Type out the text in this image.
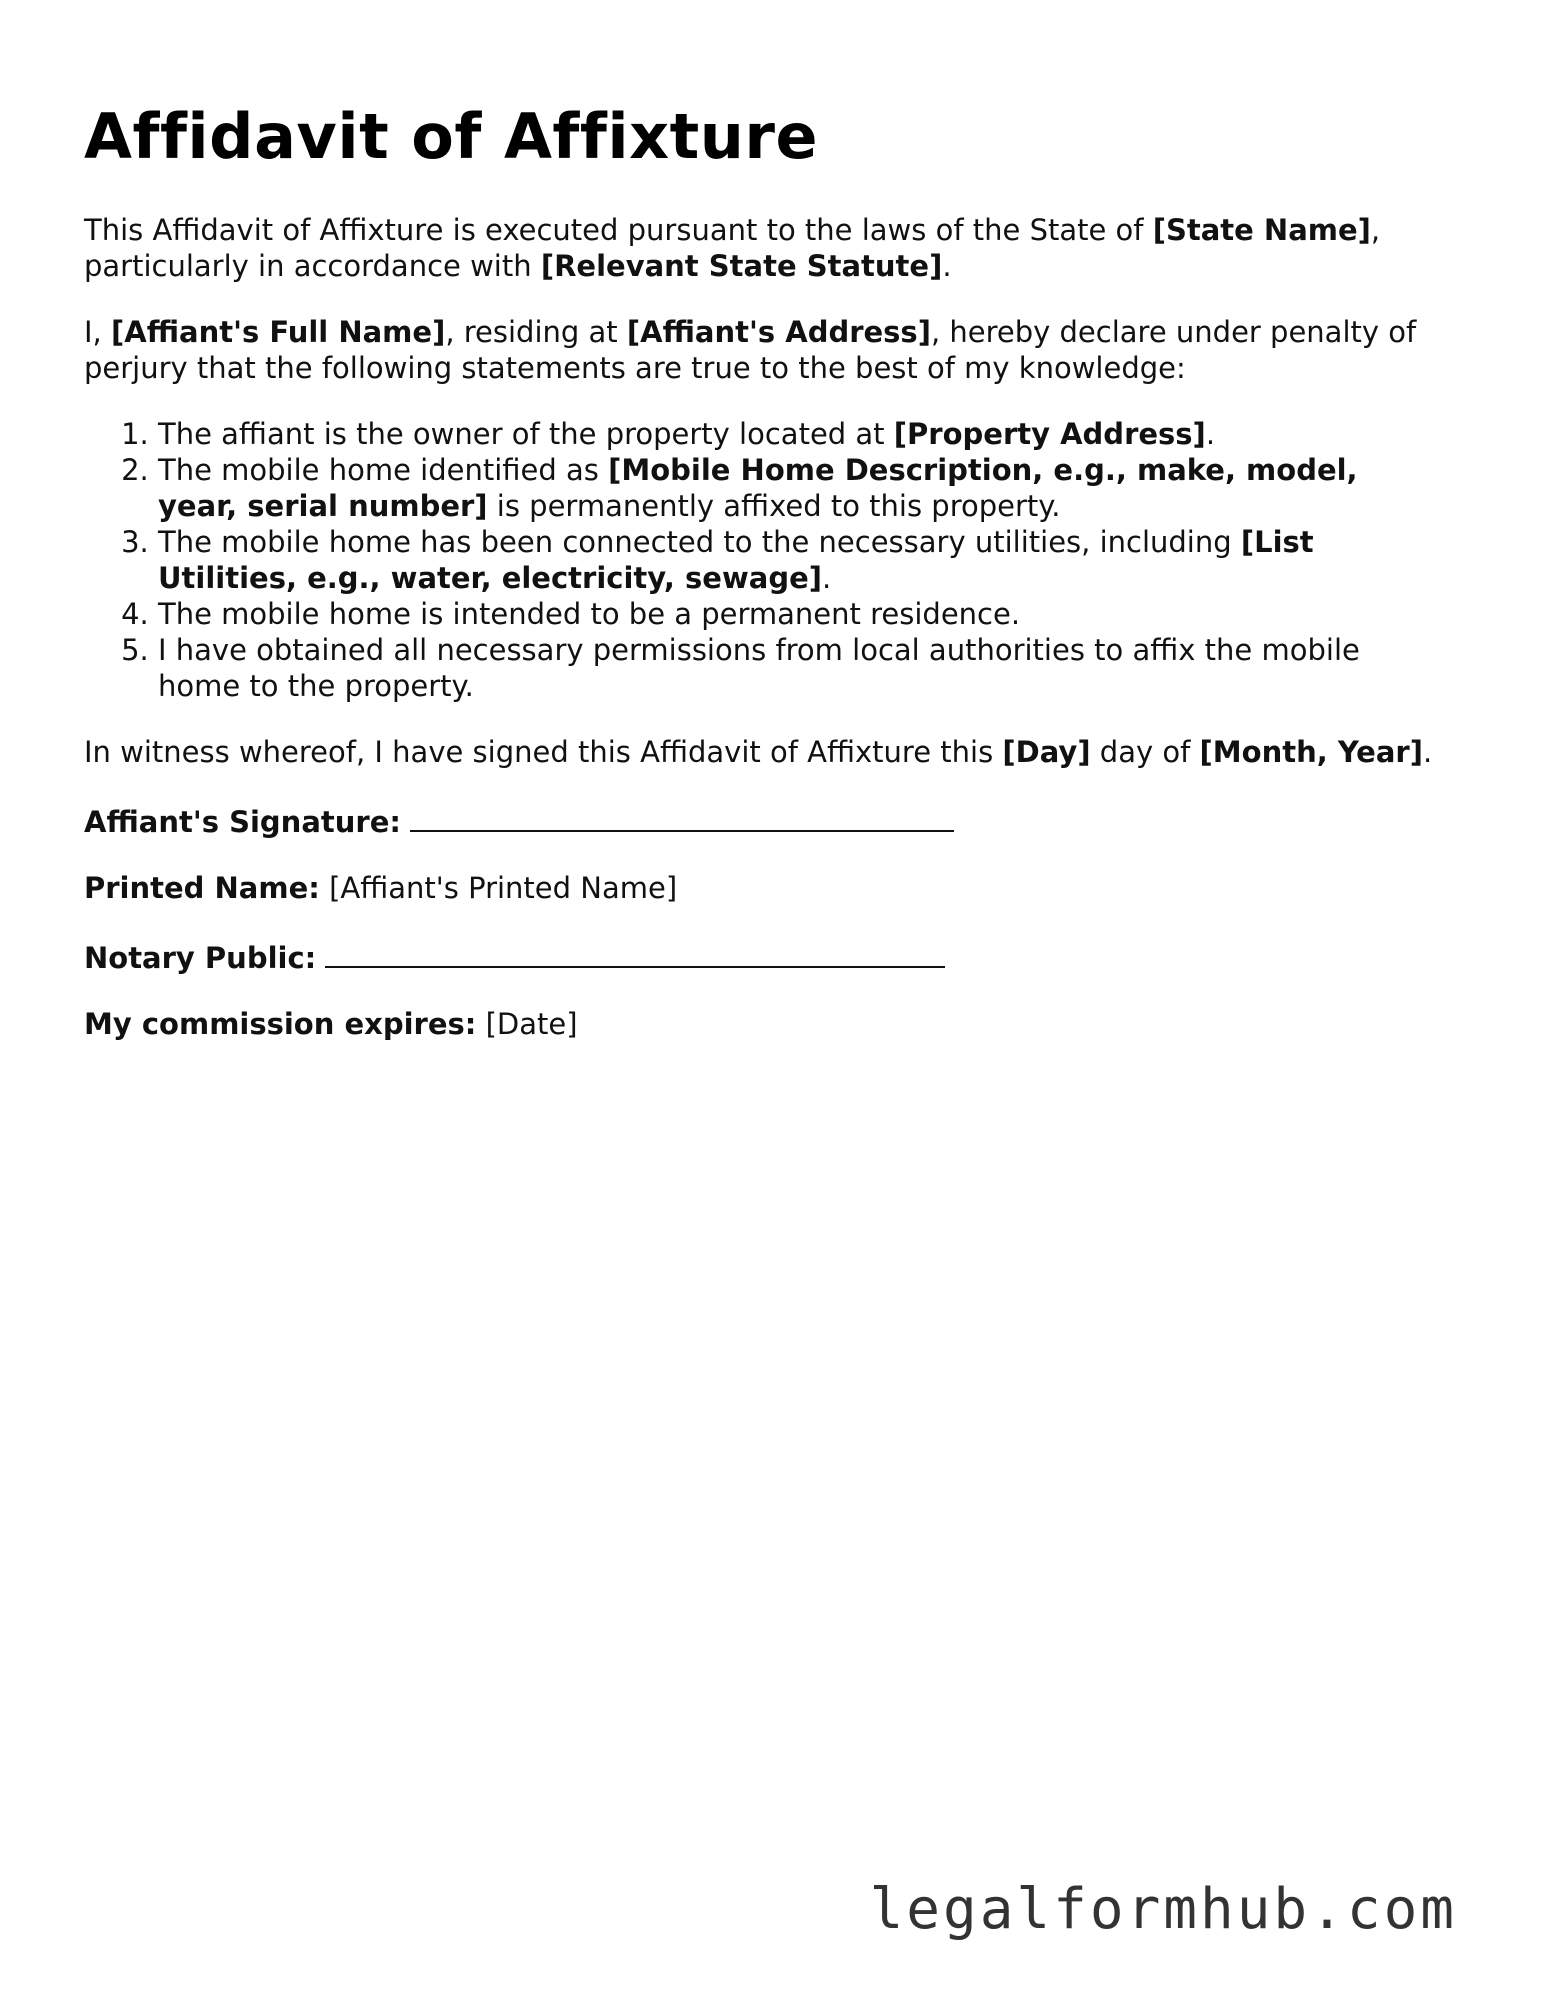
Affidavit of Affixture

This Affidavit of Affixture is executed pursuant to the laws of the State of [State Name], particularly in accordance with [Relevant State Statute].

I, [Affiant's Full Name], residing at [Affiant's Address], hereby declare under penalty of perjury that the following statements are true to the best of my knowledge:

1. The affiant is the owner of the property located at [Property Address].
2. The mobile home identified as [Mobile Home Description, e.g., make, model, year, serial number] is permanently affixed to this property.
3. The mobile home has been connected to the necessary utilities, including [List Utilities, e.g., water, electricity, sewage].
4. The mobile home is intended to be a permanent residence.
5. I have obtained all necessary permissions from local authorities to affix the mobile home to the property.

In witness whereof, I have signed this Affidavit of Affixture this [Day] day of [Month, Year].

Affiant's Signature:

Printed Name: [Affiant's Printed Name]

Notary Public:

My commission expires: [Date]

legalformhub.com
